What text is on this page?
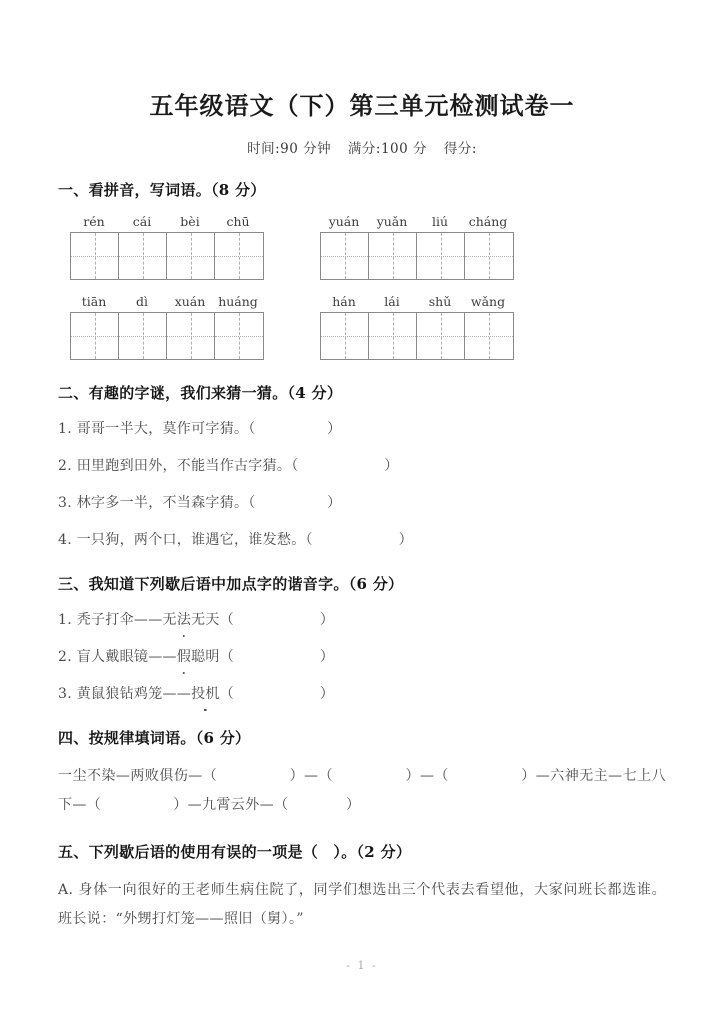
五年级语文（下）第三单元检测试卷一
时间:90 分钟 满分:100 分 得分:
一、看拼音，写词语。（8 分）
rén	cái	bèi	chū	yuán	yuǎn	liú	cháng
tiān	dì	xuán	huáng	hán	lái	shǔ	wǎng
二、有趣的字谜，我们来猜一猜。（4 分）
1. 哥哥一半大，莫作可字猜。（　　　　　）
2. 田里跑到田外，不能当作古字猜。（　　　　　　）
3. 林字多一半，不当森字猜。（　　　　　）
4. 一只狗，两个口，谁遇它，谁发愁。（　　　　　　）
三、我知道下列歇后语中加点字的谐音字。（6 分）
1. 秃子打伞——无法无天（　　　　　　）
2. 盲人戴眼镜——假聪明（　　　　　　）
3. 黄鼠狼钻鸡笼——投机（　　　　　　）
四、按规律填词语。（6 分）
一尘不染—两败俱伤—（　　　　　）—（　　　　　）—（　　　　　）—六神无主—七上八下—（　　　　　）—九霄云外—（　　　　）
五、下列歇后语的使用有误的一项是（　）。（2 分）
A. 身体一向很好的王老师生病住院了，同学们想选出三个代表去看望他，大家问班长都选谁。班长说：“外甥打灯笼——照旧（舅）。”
- 1 -
